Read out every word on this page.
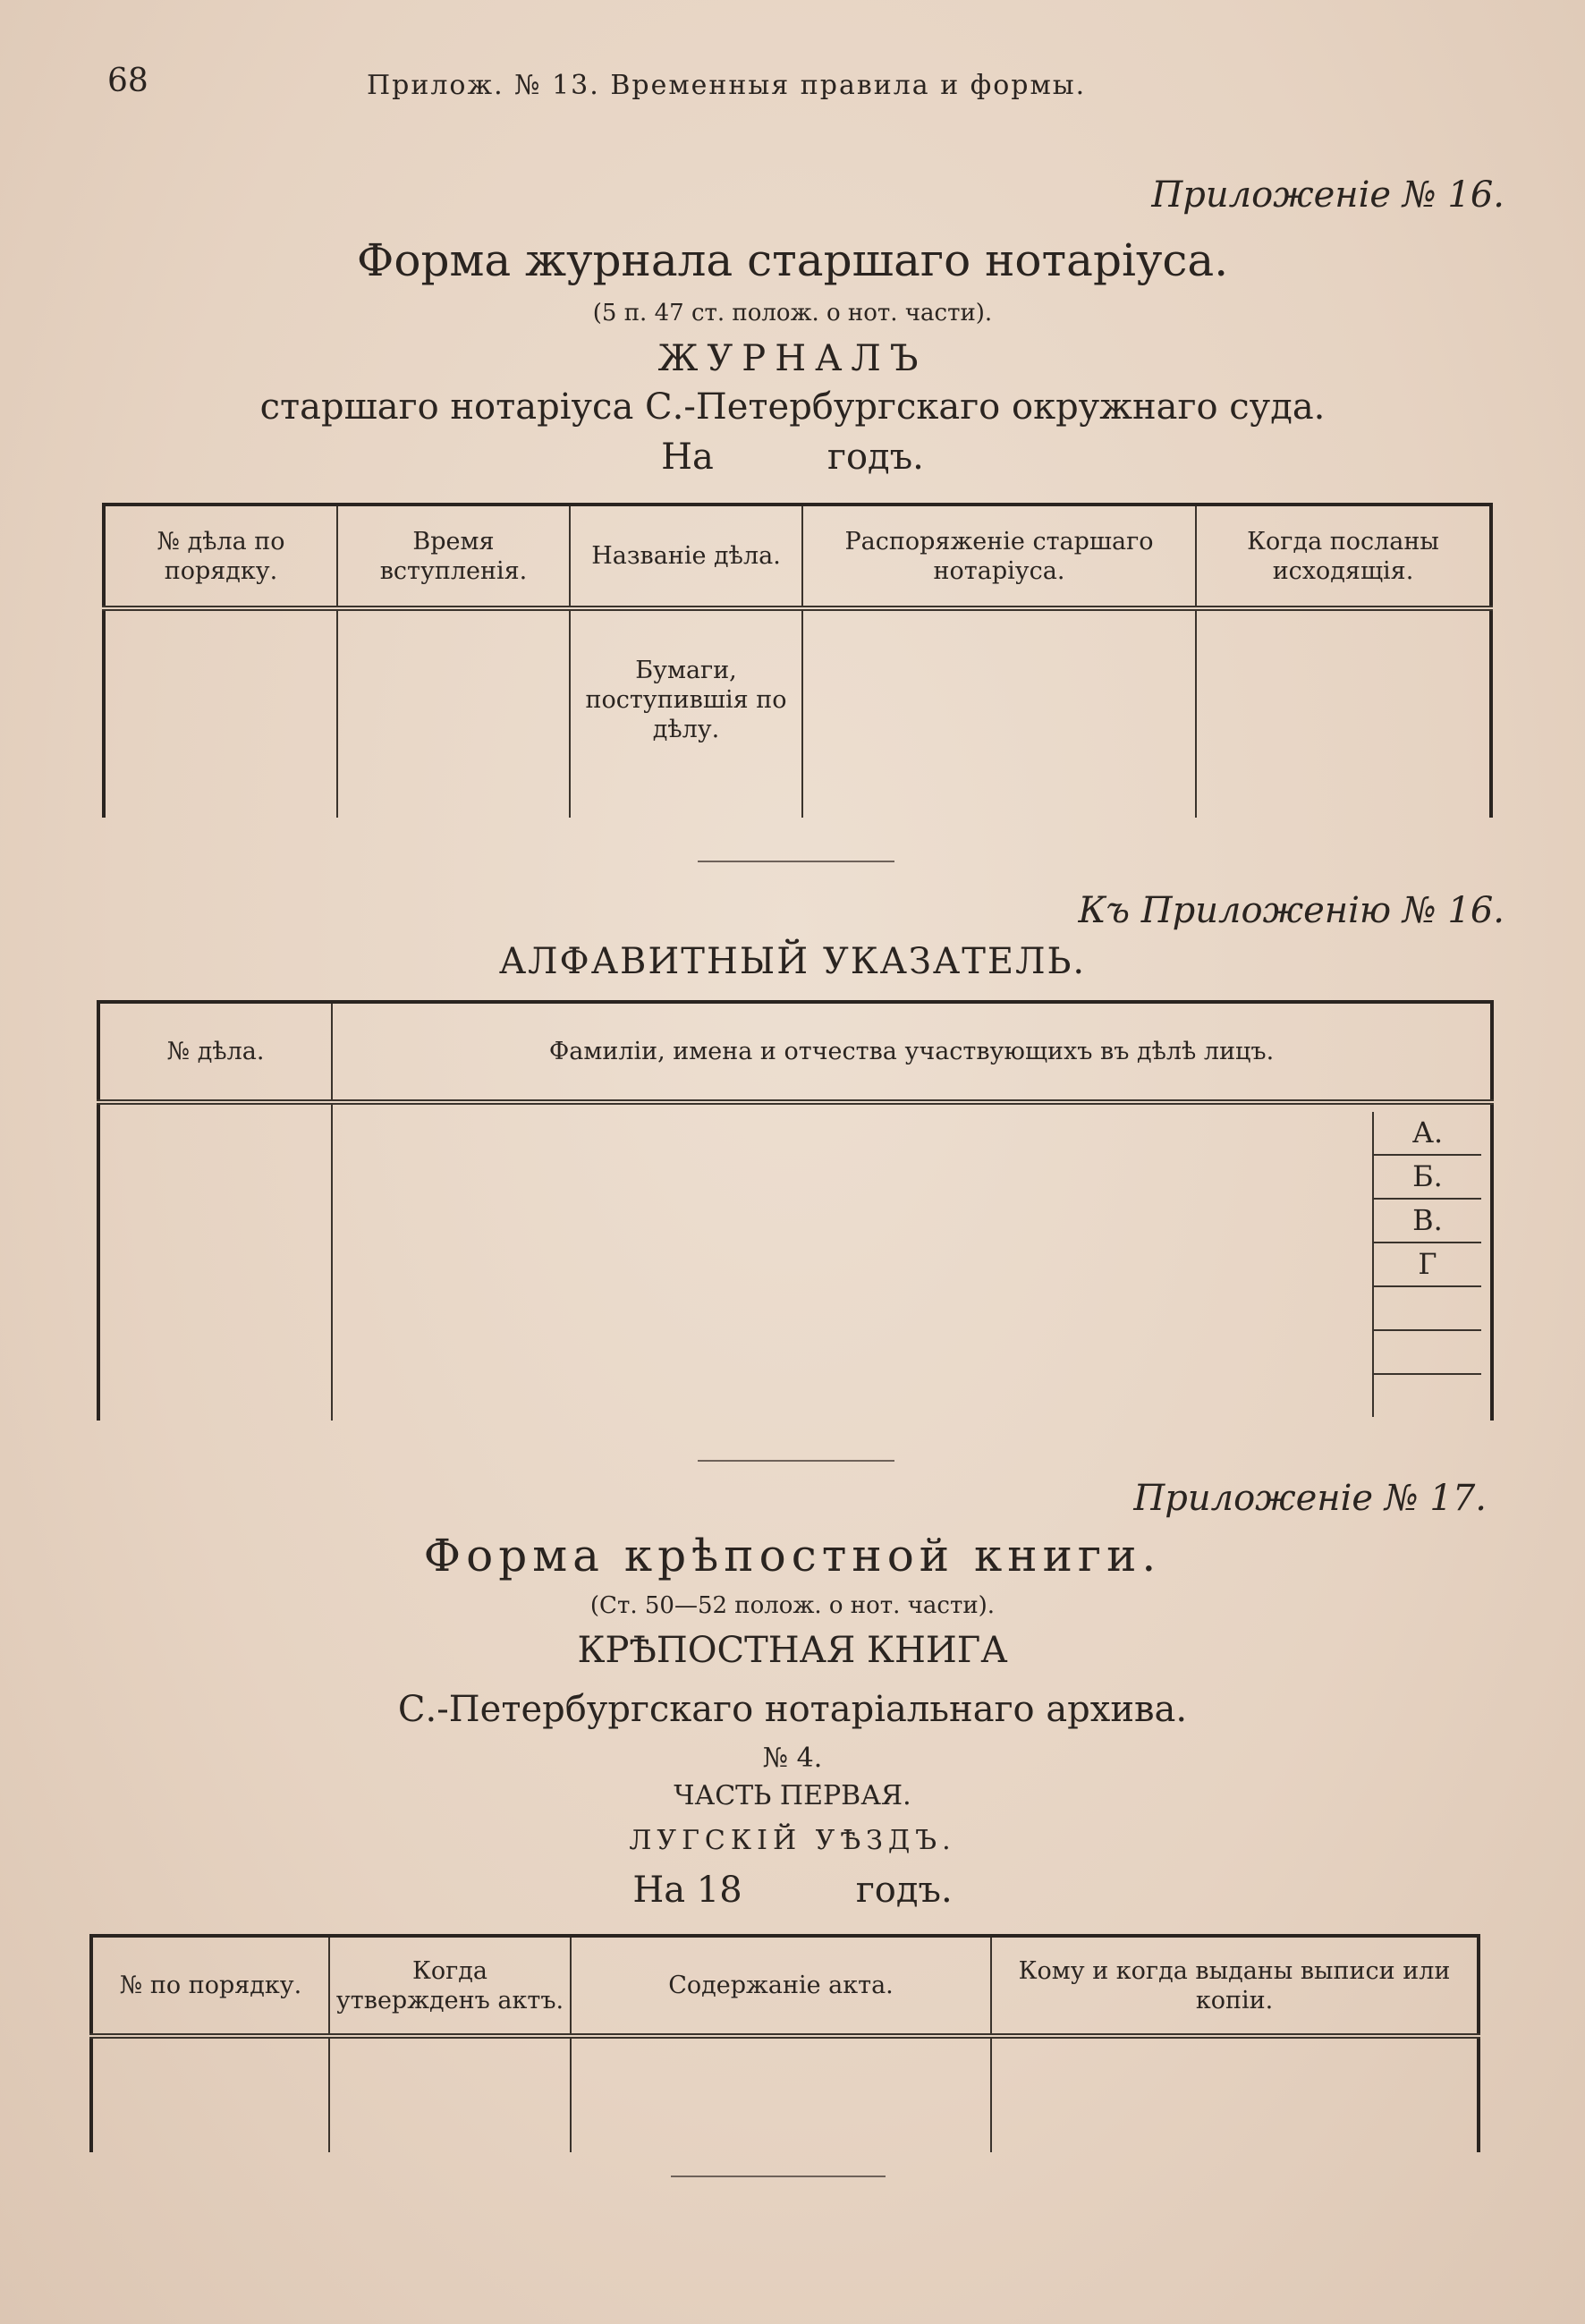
68	Прилож. № 13. Временныя правила и формы.
Приложеніе № 16.
Форма журнала старшаго нотаріуса.
(5 п. 47 ст. полож. о нот. части).
ЖУРНАЛЪ
старшаго нотаріуса С.-Петербургскаго окружнаго суда.
На          годъ.
№ дѣла по порядку.	Время вступленія.	Названіе дѣла.	Распоряженіе старшаго нотаріуса.	Когда посланы исходящія.
		Бумаги, поступившія по дѣлу.		
Къ Приложенію № 16.
АЛФАВИТНЫЙ УКАЗАТЕЛЬ.
№ дѣла.	Фамиліи, имена и отчества участвующихъ въ дѣлѣ лицъ.

	А.
Б.
В.
Г
Приложеніе № 17.
Форма крѣпостной книги.
(Ст. 50—52 полож. о нот. части).
КРѢПОСТНАЯ КНИГА
С.-Петербургскаго нотаріальнаго архива.
№ 4.
ЧАСТЬ ПЕРВАЯ.
ЛУГСКІЙ УѢЗДЪ.
На 18          годъ.
№ по порядку.	Когда утвержденъ актъ.	Содержаніе акта.	Кому и когда выданы выписи или копіи.
